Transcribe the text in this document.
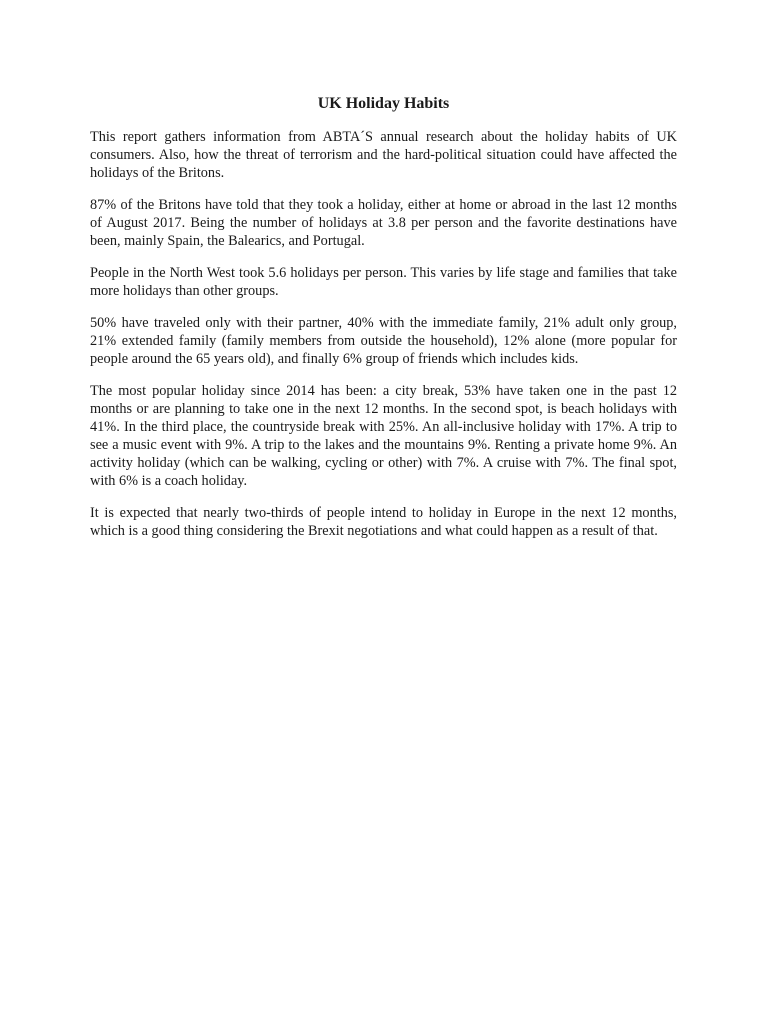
UK Holiday Habits

This report gathers information from ABTA´S annual research about the holiday habits of UK consumers. Also, how the threat of terrorism and the hard-political situation could have affected the holidays of the Britons.

87% of the Britons have told that they took a holiday, either at home or abroad in the last 12 months of August 2017. Being the number of holidays at 3.8 per person and the favorite destinations have been, mainly Spain, the Balearics, and Portugal.

People in the North West took 5.6 holidays per person. This varies by life stage and families that take more holidays than other groups.

50% have traveled only with their partner, 40% with the immediate family, 21% adult only group, 21% extended family (family members from outside the household), 12% alone (more popular for people around the 65 years old), and finally 6% group of friends which includes kids.

The most popular holiday since 2014 has been: a city break, 53% have taken one in the past 12 months or are planning to take one in the next 12 months. In the second spot, is beach holidays with 41%. In the third place, the countryside break with 25%. An all-inclusive holiday with 17%. A trip to see a music event with 9%. A trip to the lakes and the mountains 9%. Renting a private home 9%. An activity holiday (which can be walking, cycling or other) with 7%. A cruise with 7%. The final spot, with 6% is a coach holiday.

It is expected that nearly two-thirds of people intend to holiday in Europe in the next 12 months, which is a good thing considering the Brexit negotiations and what could happen as a result of that.
